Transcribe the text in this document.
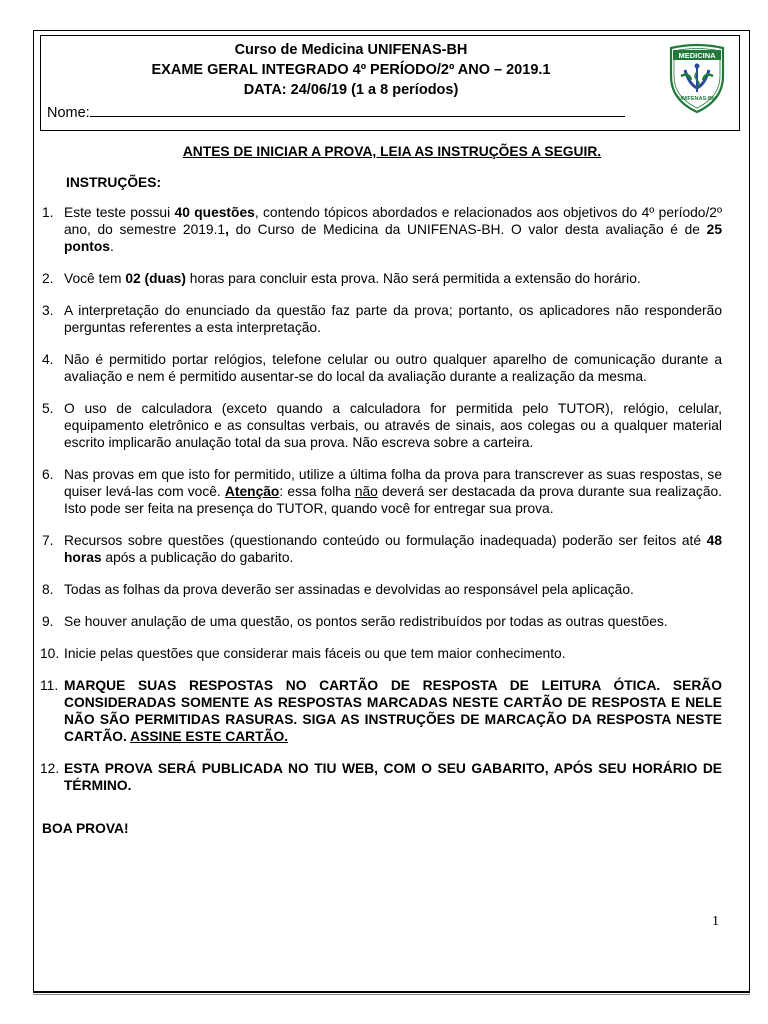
Curso de Medicina UNIFENAS-BH
EXAME GERAL INTEGRADO 4º PERÍODO/2º ANO – 2019.1
DATA: 24/06/19 (1 a 8 períodos)
Nome:
MEDICINA
UNIFENAS-BH
ANTES DE INICIAR A PROVA, LEIA AS INSTRUÇÕES A SEGUIR.
INSTRUÇÕES:
1. Este teste possui 40 questões, contendo tópicos abordados e relacionados aos objetivos do 4º período/2º ano, do semestre 2019.1, do Curso de Medicina da UNIFENAS-BH. O valor desta avaliação é de 25 pontos.
2. Você tem 02 (duas) horas para concluir esta prova. Não será permitida a extensão do horário.
3. A interpretação do enunciado da questão faz parte da prova; portanto, os aplicadores não responderão perguntas referentes a esta interpretação.
4. Não é permitido portar relógios, telefone celular ou outro qualquer aparelho de comunicação durante a avaliação e nem é permitido ausentar-se do local da avaliação durante a realização da mesma.
5. O uso de calculadora (exceto quando a calculadora for permitida pelo TUTOR), relógio, celular, equipamento eletrônico e as consultas verbais, ou através de sinais, aos colegas ou a qualquer material escrito implicarão anulação total da sua prova. Não escreva sobre a carteira.
6. Nas provas em que isto for permitido, utilize a última folha da prova para transcrever as suas respostas, se quiser levá-las com você. Atenção: essa folha não deverá ser destacada da prova durante sua realização. Isto pode ser feita na presença do TUTOR, quando você for entregar sua prova.
7. Recursos sobre questões (questionando conteúdo ou formulação inadequada) poderão ser feitos até 48 horas após a publicação do gabarito.
8. Todas as folhas da prova deverão ser assinadas e devolvidas ao responsável pela aplicação.
9. Se houver anulação de uma questão, os pontos serão redistribuídos por todas as outras questões.
10. Inicie pelas questões que considerar mais fáceis ou que tem maior conhecimento.
11. MARQUE SUAS RESPOSTAS NO CARTÃO DE RESPOSTA DE LEITURA ÓTICA. SERÃO CONSIDERADAS SOMENTE AS RESPOSTAS MARCADAS NESTE CARTÃO DE RESPOSTA E NELE NÃO SÃO PERMITIDAS RASURAS. SIGA AS INSTRUÇÕES DE MARCAÇÃO DA RESPOSTA NESTE CARTÃO. ASSINE ESTE CARTÃO.
12. ESTA PROVA SERÁ PUBLICADA NO TIU WEB, COM O SEU GABARITO, APÓS SEU HORÁRIO DE TÉRMINO.
BOA PROVA!
1
